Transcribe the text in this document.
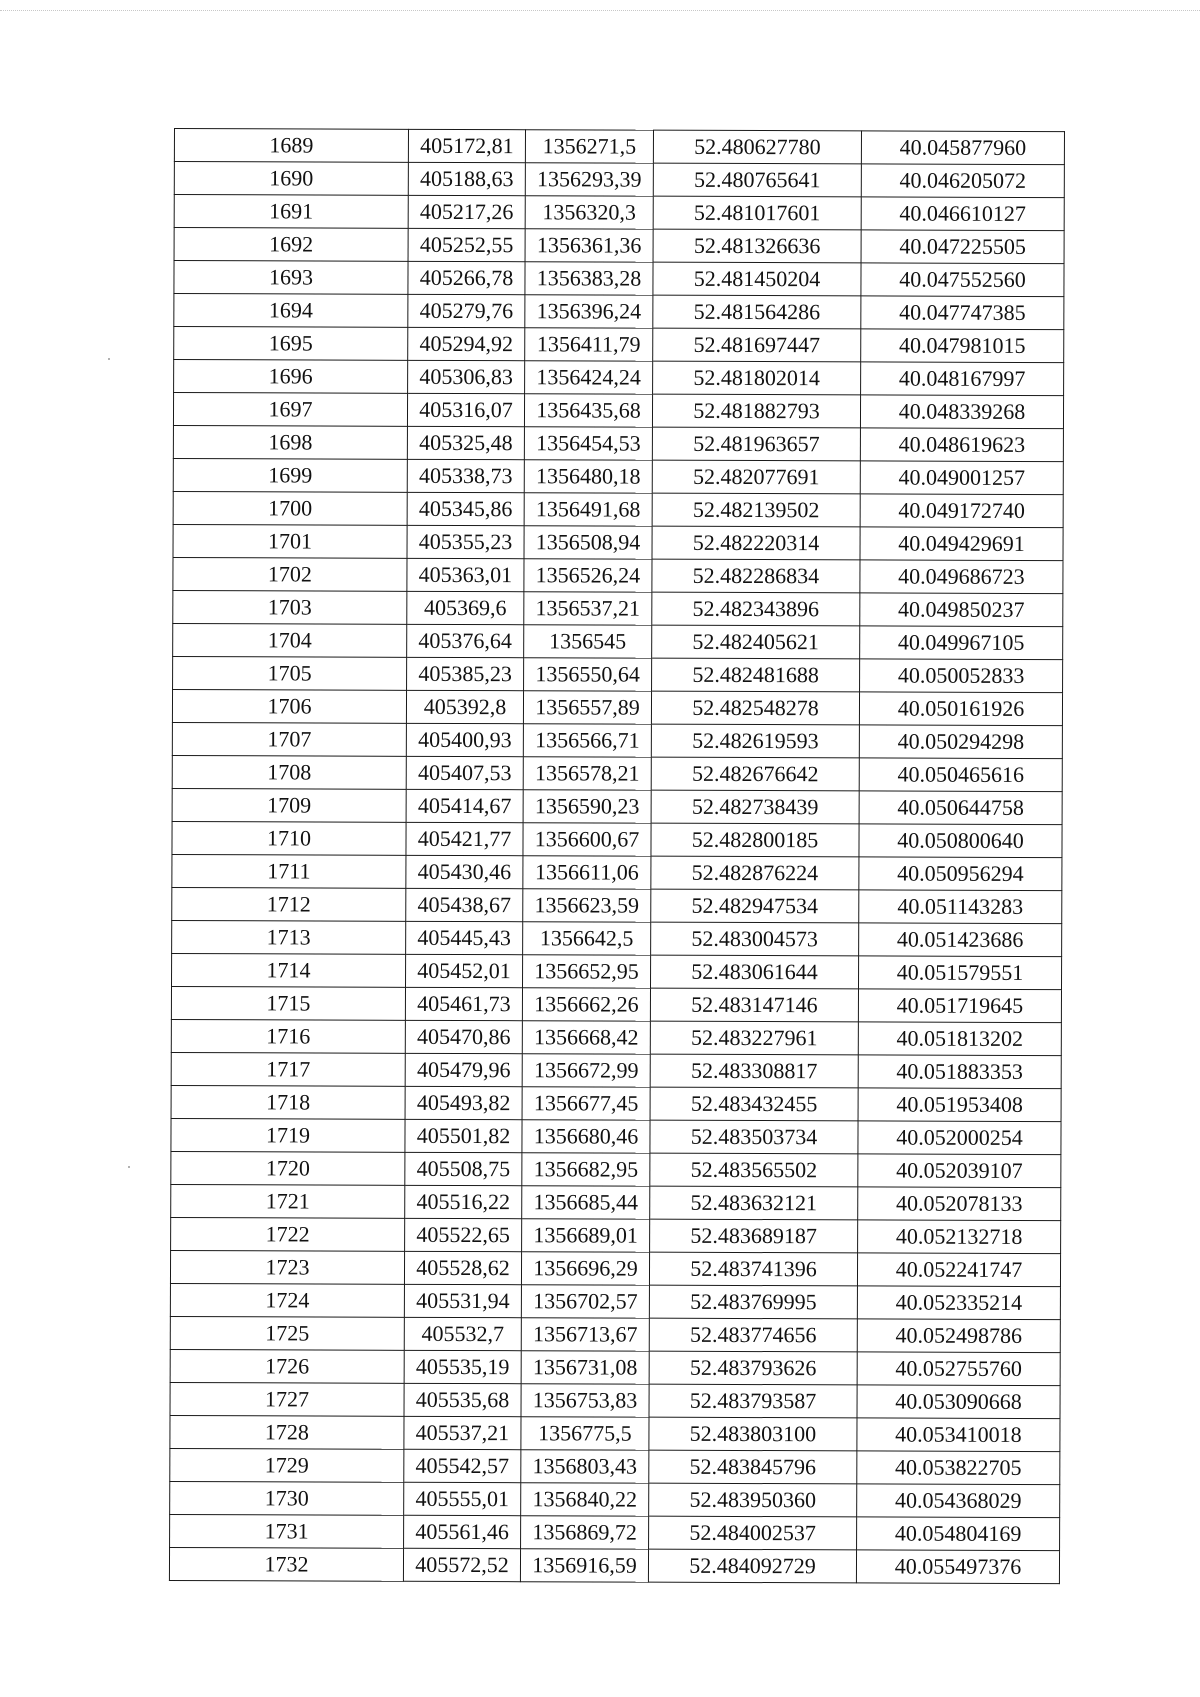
1689	405172,81	1356271,5	52.480627780	40.045877960
1690	405188,63	1356293,39	52.480765641	40.046205072
1691	405217,26	1356320,3	52.481017601	40.046610127
1692	405252,55	1356361,36	52.481326636	40.047225505
1693	405266,78	1356383,28	52.481450204	40.047552560
1694	405279,76	1356396,24	52.481564286	40.047747385
1695	405294,92	1356411,79	52.481697447	40.047981015
1696	405306,83	1356424,24	52.481802014	40.048167997
1697	405316,07	1356435,68	52.481882793	40.048339268
1698	405325,48	1356454,53	52.481963657	40.048619623
1699	405338,73	1356480,18	52.482077691	40.049001257
1700	405345,86	1356491,68	52.482139502	40.049172740
1701	405355,23	1356508,94	52.482220314	40.049429691
1702	405363,01	1356526,24	52.482286834	40.049686723
1703	405369,6	1356537,21	52.482343896	40.049850237
1704	405376,64	1356545	52.482405621	40.049967105
1705	405385,23	1356550,64	52.482481688	40.050052833
1706	405392,8	1356557,89	52.482548278	40.050161926
1707	405400,93	1356566,71	52.482619593	40.050294298
1708	405407,53	1356578,21	52.482676642	40.050465616
1709	405414,67	1356590,23	52.482738439	40.050644758
1710	405421,77	1356600,67	52.482800185	40.050800640
1711	405430,46	1356611,06	52.482876224	40.050956294
1712	405438,67	1356623,59	52.482947534	40.051143283
1713	405445,43	1356642,5	52.483004573	40.051423686
1714	405452,01	1356652,95	52.483061644	40.051579551
1715	405461,73	1356662,26	52.483147146	40.051719645
1716	405470,86	1356668,42	52.483227961	40.051813202
1717	405479,96	1356672,99	52.483308817	40.051883353
1718	405493,82	1356677,45	52.483432455	40.051953408
1719	405501,82	1356680,46	52.483503734	40.052000254
1720	405508,75	1356682,95	52.483565502	40.052039107
1721	405516,22	1356685,44	52.483632121	40.052078133
1722	405522,65	1356689,01	52.483689187	40.052132718
1723	405528,62	1356696,29	52.483741396	40.052241747
1724	405531,94	1356702,57	52.483769995	40.052335214
1725	405532,7	1356713,67	52.483774656	40.052498786
1726	405535,19	1356731,08	52.483793626	40.052755760
1727	405535,68	1356753,83	52.483793587	40.053090668
1728	405537,21	1356775,5	52.483803100	40.053410018
1729	405542,57	1356803,43	52.483845796	40.053822705
1730	405555,01	1356840,22	52.483950360	40.054368029
1731	405561,46	1356869,72	52.484002537	40.054804169
1732	405572,52	1356916,59	52.484092729	40.055497376
